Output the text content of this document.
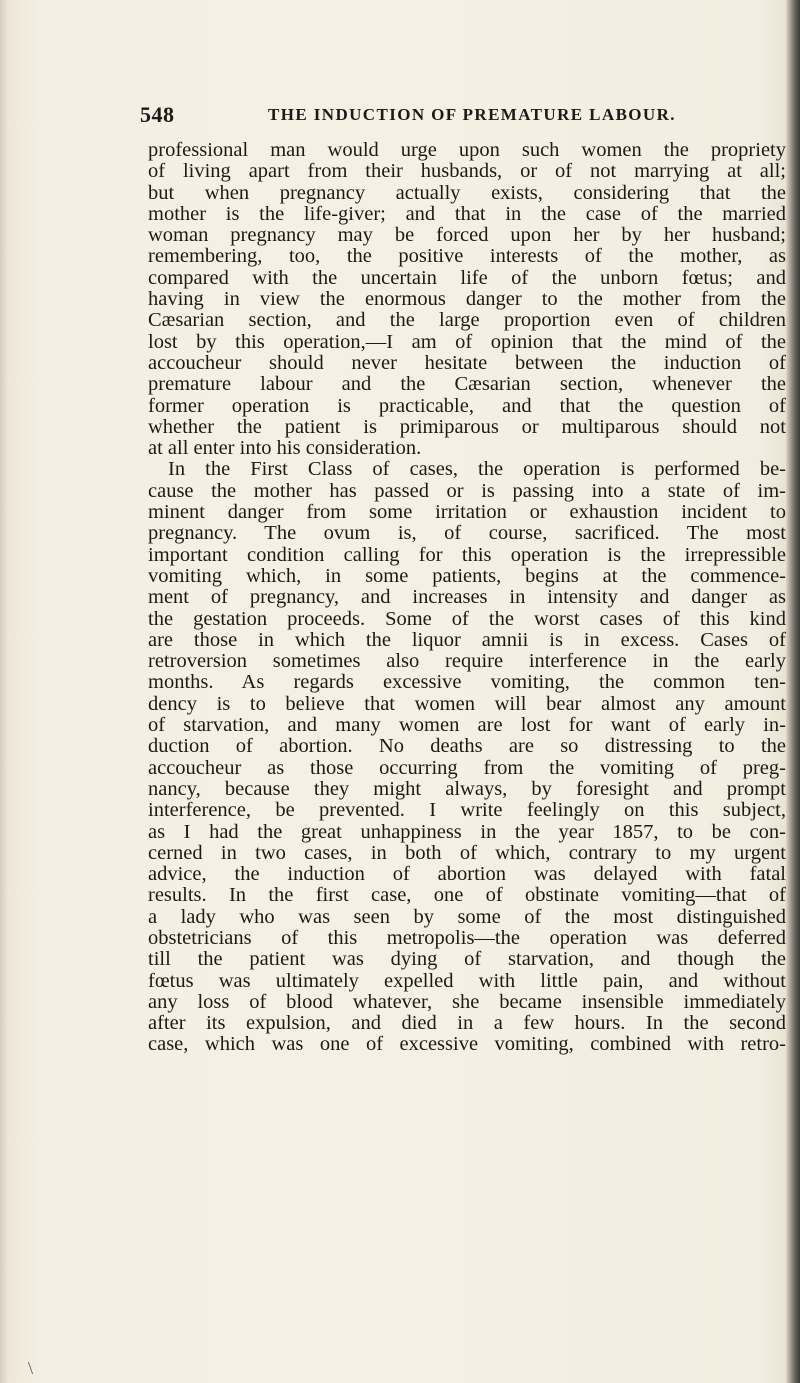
548	THE INDUCTION OF PREMATURE LABOUR.
professional man would urge upon such women the propriety
of living apart from their husbands, or of not marrying at all;
but when pregnancy actually exists, considering that the
mother is the life-giver; and that in the case of the married
woman pregnancy may be forced upon her by her husband;
remembering, too, the positive interests of the mother, as
compared with the uncertain life of the unborn fœtus; and
having in view the enormous danger to the mother from the
Cæsarian section, and the large proportion even of children
lost by this operation,—I am of opinion that the mind of the
accoucheur should never hesitate between the induction of
premature labour and the Cæsarian section, whenever the
former operation is practicable, and that the question of
whether the patient is primiparous or multiparous should not
at all enter into his consideration.
In the First Class of cases, the operation is performed be-
cause the mother has passed or is passing into a state of im-
minent danger from some irritation or exhaustion incident to
pregnancy. The ovum is, of course, sacrificed. The most
important condition calling for this operation is the irrepressible
vomiting which, in some patients, begins at the commence-
ment of pregnancy, and increases in intensity and danger as
the gestation proceeds. Some of the worst cases of this kind
are those in which the liquor amnii is in excess. Cases of
retroversion sometimes also require interference in the early
months. As regards excessive vomiting, the common ten-
dency is to believe that women will bear almost any amount
of starvation, and many women are lost for want of early in-
duction of abortion. No deaths are so distressing to the
accoucheur as those occurring from the vomiting of preg-
nancy, because they might always, by foresight and prompt
interference, be prevented. I write feelingly on this subject,
as I had the great unhappiness in the year 1857, to be con-
cerned in two cases, in both of which, contrary to my urgent
advice, the induction of abortion was delayed with fatal
results. In the first case, one of obstinate vomiting—that of
a lady who was seen by some of the most distinguished
obstetricians of this metropolis—the operation was deferred
till the patient was dying of starvation, and though the
fœtus was ultimately expelled with little pain, and without
any loss of blood whatever, she became insensible immediately
after its expulsion, and died in a few hours. In the second
case, which was one of excessive vomiting, combined with retro-
\
